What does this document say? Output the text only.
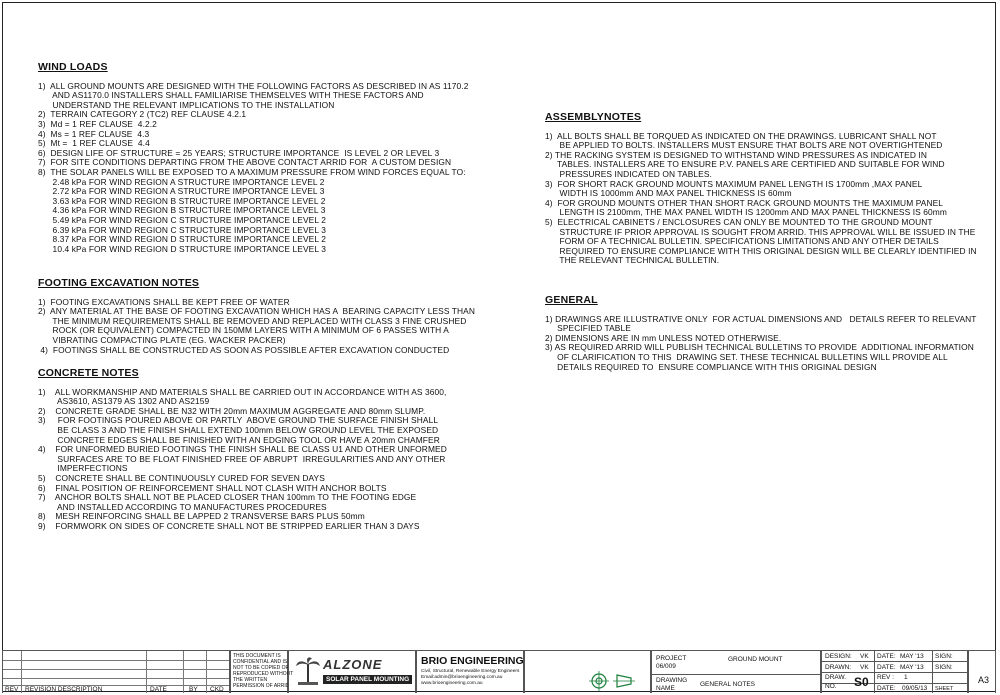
WIND LOADS
1)  ALL GROUND MOUNTS ARE DESIGNED WITH THE FOLLOWING FACTORS AS DESCRIBED IN AS 1170.2
AND AS1170.0 INSTALLERS SHALL FAMILIARISE THEMSELVES WITH THESE FACTORS AND
UNDERSTAND THE RELEVANT IMPLICATIONS TO THE INSTALLATION
2)  TERRAIN CATEGORY 2 (TC2) REF CLAUSE 4.2.1
3)  Md = 1 REF CLAUSE  4.2.2
4)  Ms = 1 REF CLAUSE  4.3
5)  Mt =  1 REF CLAUSE  4.4
6)  DESIGN LIFE OF STRUCTURE = 25 YEARS; STRUCTURE IMPORTANCE  IS LEVEL 2 OR LEVEL 3
7)  FOR SITE CONDITIONS DEPARTING FROM THE ABOVE CONTACT ARRID FOR  A CUSTOM DESIGN
8)  THE SOLAR PANELS WILL BE EXPOSED TO A MAXIMUM PRESSURE FROM WIND FORCES EQUAL TO:
2.48 kPa FOR WIND REGION A STRUCTURE IMPORTANCE LEVEL 2
2.72 kPa FOR WIND REGION A STRUCTURE IMPORTANCE LEVEL 3
3.63 kPa FOR WIND REGION B STRUCTURE IMPORTANCE LEVEL 2
4.36 kPa FOR WIND REGION B STRUCTURE IMPORTANCE LEVEL 3
5.49 kPa FOR WIND REGION C STRUCTURE IMPORTANCE LEVEL 2
6.39 kPa FOR WIND REGION C STRUCTURE IMPORTANCE LEVEL 3
8.37 kPa FOR WIND REGION D STRUCTURE IMPORTANCE LEVEL 2
10.4 kPa FOR WIND REGION D STRUCTURE IMPORTANCE LEVEL 3
FOOTING EXCAVATION NOTES
1)  FOOTING EXCAVATIONS SHALL BE KEPT FREE OF WATER
2)  ANY MATERIAL AT THE BASE OF FOOTING EXCAVATION WHICH HAS A  BEARING CAPACITY LESS THAN
THE MINIMUM REQUIREMENTS SHALL BE REMOVED AND REPLACED WITH CLASS 3 FINE CRUSHED
ROCK (OR EQUIVALENT) COMPACTED IN 150MM LAYERS WITH A MINIMUM OF 6 PASSES WITH A
VIBRATING COMPACTING PLATE (EG. WACKER PACKER)
4)  FOOTINGS SHALL BE CONSTRUCTED AS SOON AS POSSIBLE AFTER EXCAVATION CONDUCTED
CONCRETE NOTES
1)    ALL WORKMANSHIP AND MATERIALS SHALL BE CARRIED OUT IN ACCORDANCE WITH AS 3600,
AS3610, AS1379 AS 1302 AND AS2159
2)    CONCRETE GRADE SHALL BE N32 WITH 20mm MAXIMUM AGGREGATE AND 80mm SLUMP.
3)     FOR FOOTINGS POURED ABOVE OR PARTLY  ABOVE GROUND THE SURFACE FINISH SHALL
BE CLASS 3 AND THE FINISH SHALL EXTEND 100mm BELOW GROUND LEVEL THE EXPOSED
CONCRETE EDGES SHALL BE FINISHED WITH AN EDGING TOOL OR HAVE A 20mm CHAMFER
4)    FOR UNFORMED BURIED FOOTINGS THE FINISH SHALL BE CLASS U1 AND OTHER UNFORMED
SURFACES ARE TO BE FLOAT FINISHED FREE OF ABRUPT  IRREGULARITIES AND ANY OTHER
IMPERFECTIONS
5)    CONCRETE SHALL BE CONTINUOUSLY CURED FOR SEVEN DAYS
6)    FINAL POSITION OF REINFORCEMENT SHALL NOT CLASH WITH ANCHOR BOLTS
7)    ANCHOR BOLTS SHALL NOT BE PLACED CLOSER THAN 100mm TO THE FOOTING EDGE
AND INSTALLED ACCORDING TO MANUFACTURES PROCEDURES
8)    MESH REINFORCING SHALL BE LAPPED 2 TRANSVERSE BARS PLUS 50mm
9)    FORMWORK ON SIDES OF CONCRETE SHALL NOT BE STRIPPED EARLIER THAN 3 DAYS
ASSEMBLYNOTES
1)  ALL BOLTS SHALL BE TORQUED AS INDICATED ON THE DRAWINGS. LUBRICANT SHALL NOT
BE APPLIED TO BOLTS. INSTALLERS MUST ENSURE THAT BOLTS ARE NOT OVERTIGHTENED
2) THE RACKING SYSTEM IS DESIGNED TO WITHSTAND WIND PRESSURES AS INDICATED IN
TABLES. INSTALLERS ARE TO ENSURE P.V. PANELS ARE CERTIFIED AND SUITABLE FOR WIND
PRESSURES INDICATED ON TABLES.
3)  FOR SHORT RACK GROUND MOUNTS MAXIMUM PANEL LENGTH IS 1700mm ,MAX PANEL
WIDTH IS 1000mm AND MAX PANEL THICKNESS IS 60mm
4)  FOR GROUND MOUNTS OTHER THAN SHORT RACK GROUND MOUNTS THE MAXIMUM PANEL
LENGTH IS 2100mm, THE MAX PANEL WIDTH IS 1200mm AND MAX PANEL THICKNESS IS 60mm
5)  ELECTRICAL CABINETS / ENCLOSURES CAN ONLY BE MOUNTED TO THE GROUND MOUNT
STRUCTURE IF PRIOR APPROVAL IS SOUGHT FROM ARRID. THIS APPROVAL WILL BE ISSUED IN THE
FORM OF A TECHNICAL BULLETIN. SPECIFICATIONS LIMITATIONS AND ANY OTHER DETAILS
REQUIRED TO ENSURE COMPLIANCE WITH THIS ORIGINAL DESIGN WILL BE CLEARLY IDENTIFIED IN
THE RELEVANT TECHNICAL BULLETIN.
GENERAL
1) DRAWINGS ARE ILLUSTRATIVE ONLY  FOR ACTUAL DIMENSIONS AND   DETAILS REFER TO RELEVANT
SPECIFIED TABLE
2) DIMENSIONS ARE IN mm UNLESS NOTED OTHERWISE.
3) AS REQUIRED ARRID WILL PUBLISH TECHNICAL BULLETINS TO PROVIDE  ADDITIONAL INFORMATION
OF CLARIFICATION TO THIS  DRAWING SET. THESE TECHNICAL BULLETINS WILL PROVIDE ALL
DETAILS REQUIRED TO  ENSURE COMPLIANCE WITH THIS ORIGINAL DESIGN
REV REVISION DESCRIPTION	DATE	BY CKD
THIS DOCUMENT IS
CONFIDENTIAL AND IS
NOT TO BE COPIED OR
REPRODUCED WITHOUT
THE WRITTEN
PERMISSION OF ARRID
ALZONE
SOLAR PANEL MOUNTING
BRIO ENGINEERING
Civil, Structural, Renewable Energy Engineers
Email:admin@brioengineering.com.au
www.brioengineering.com.au
PROJECT
06/009
GROUND MOUNT
DRAWING
NAME
GENERAL NOTES
DESIGN: VK DATE: MAY '13 SIGN:
DRAWN: VK DATE: MAY '13 SIGN:
DRAW.
NO. S0 REV : 1
DATE: 09/05/13 SHEET
A3
